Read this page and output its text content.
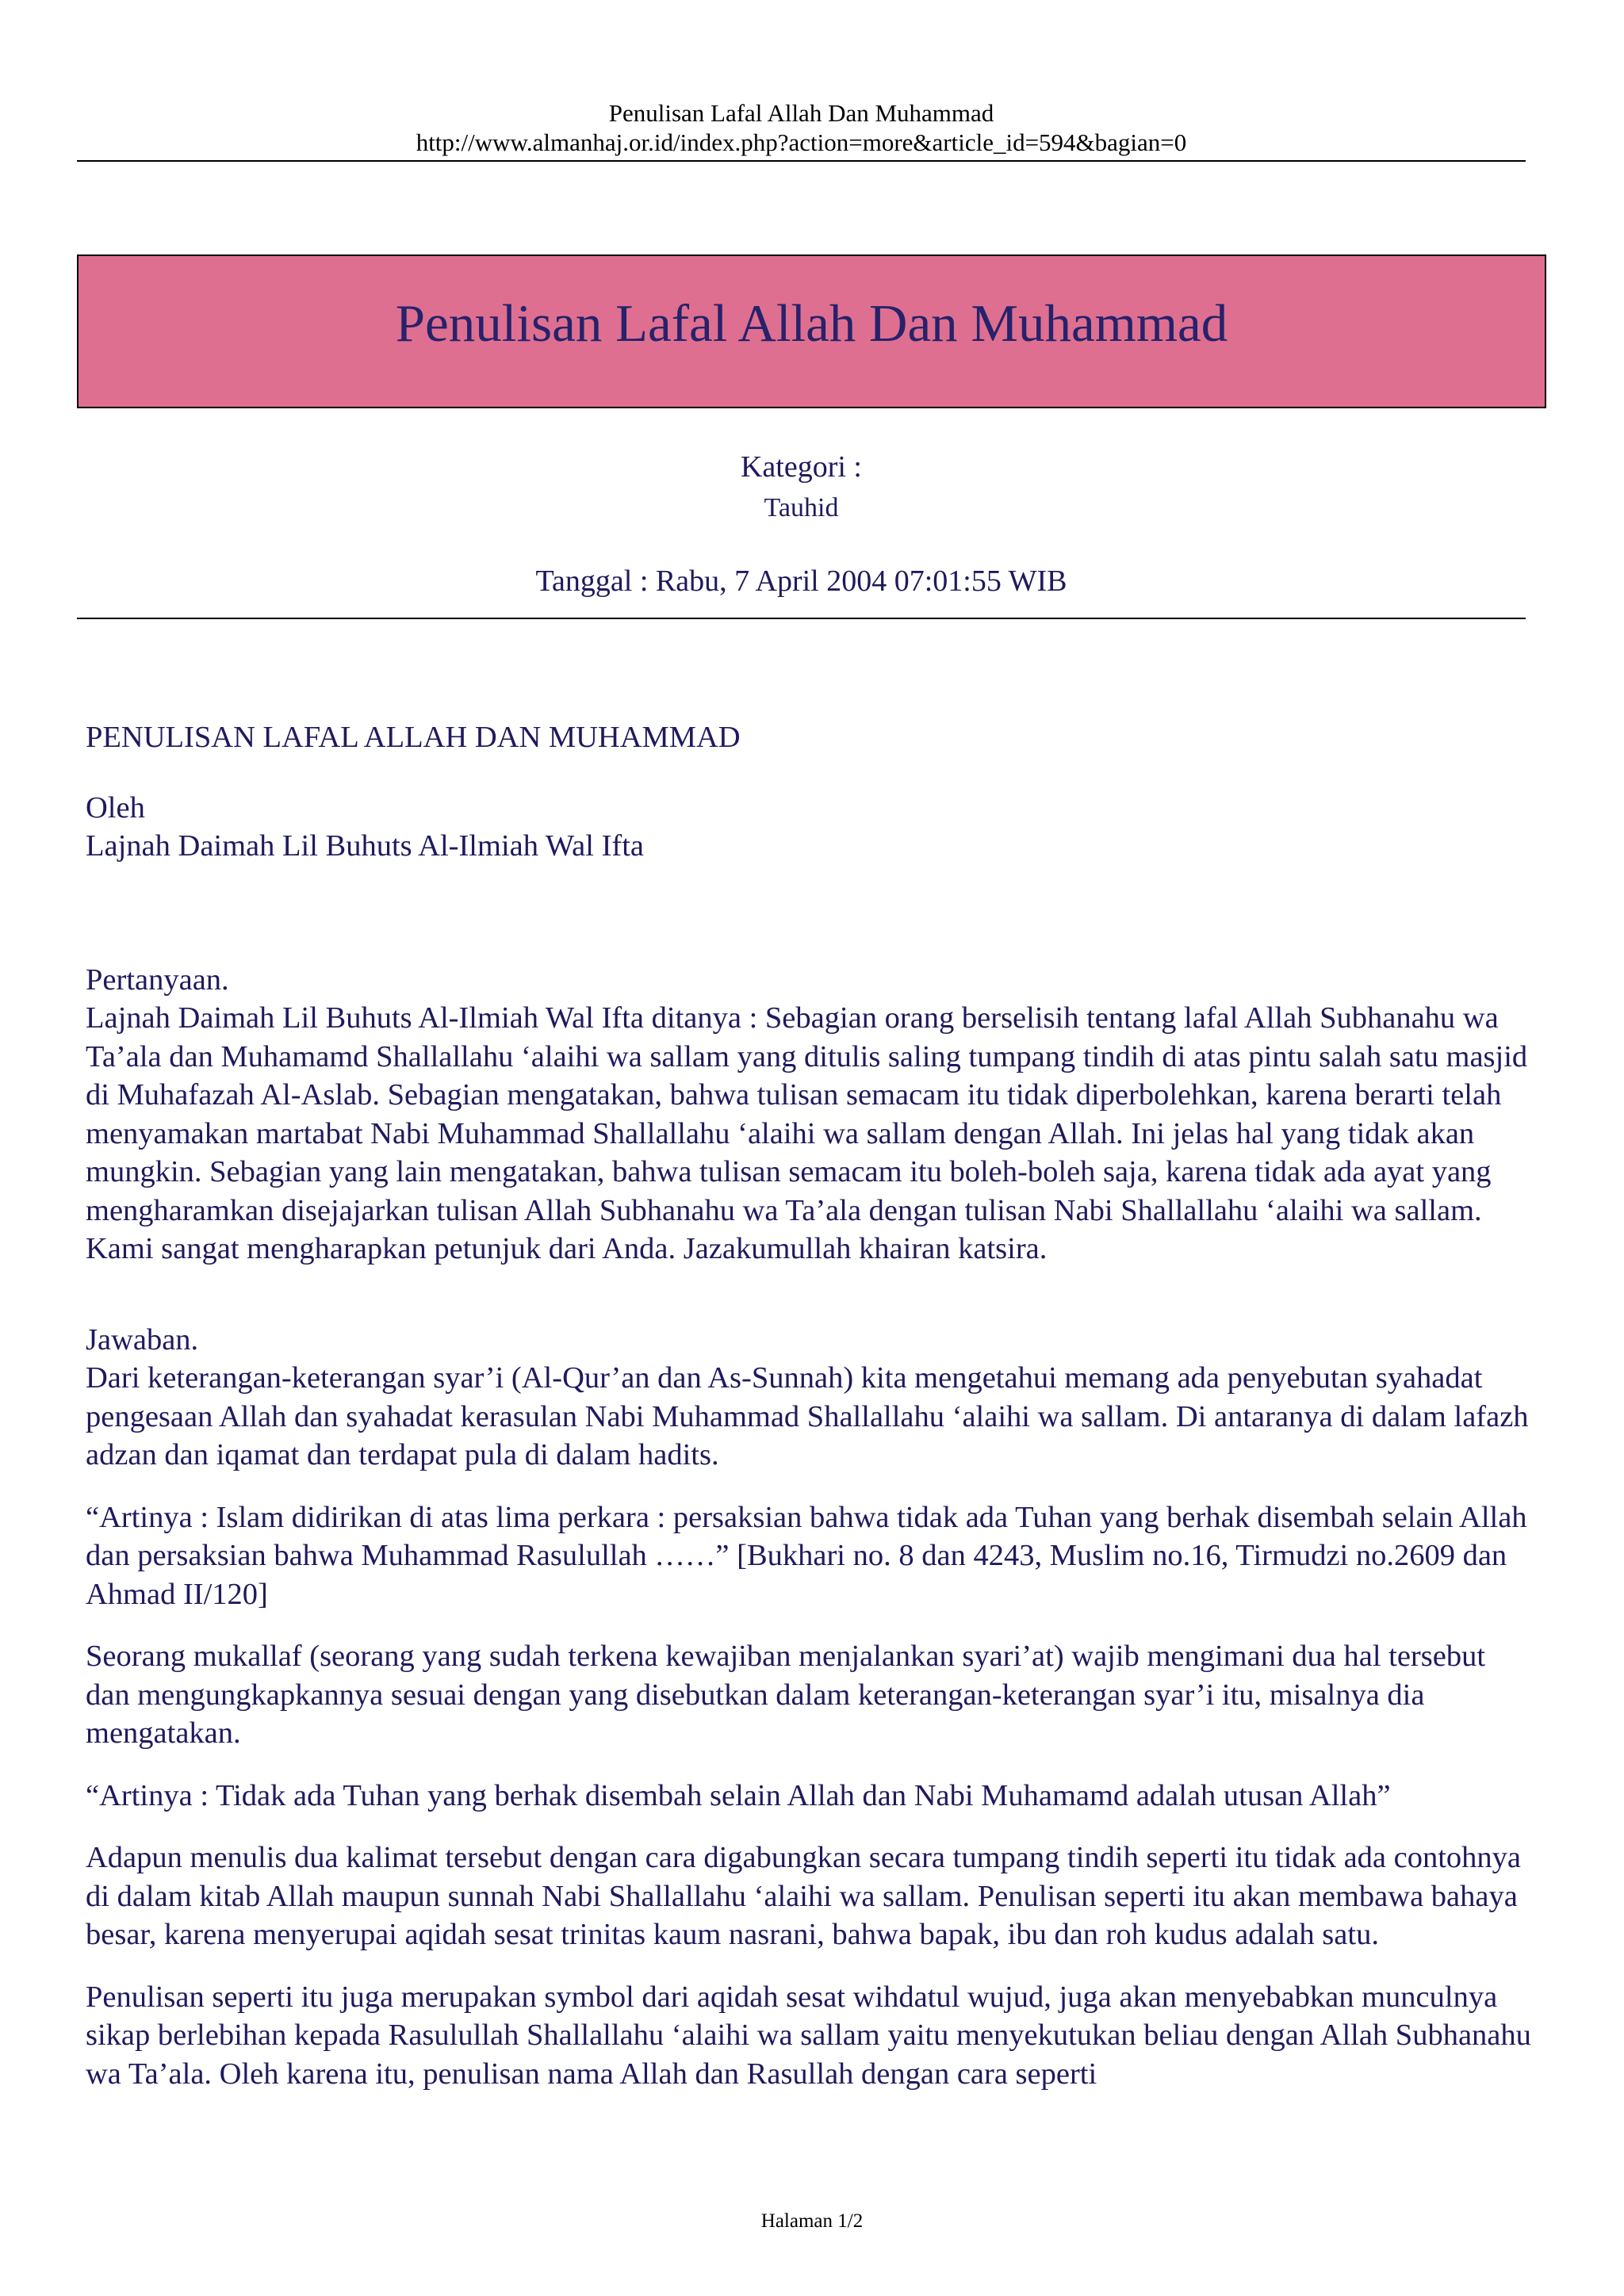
Penulisan Lafal Allah Dan Muhammad
http://www.almanhaj.or.id/index.php?action=more&article_id=594&bagian=0
Penulisan Lafal Allah Dan Muhammad
Kategori :
Tauhid
Tanggal : Rabu, 7 April 2004 07:01:55 WIB

PENULISAN LAFAL ALLAH DAN MUHAMMAD

Oleh

Lajnah Daimah Lil Buhuts Al-Ilmiah Wal Ifta

Pertanyaan.

Lajnah Daimah Lil Buhuts Al-Ilmiah Wal Ifta ditanya : Sebagian orang berselisih tentang lafal Allah Subhanahu wa Ta’ala dan Muhamamd Shallallahu ‘alaihi wa sallam yang ditulis saling tumpang tindih di atas pintu salah satu masjid di Muhafazah Al-Aslab. Sebagian mengatakan, bahwa tulisan semacam itu tidak diperbolehkan, karena berarti telah menyamakan martabat Nabi Muhammad Shallallahu ‘alaihi wa sallam dengan Allah. Ini jelas hal yang tidak akan mungkin. Sebagian yang lain mengatakan, bahwa tulisan semacam itu boleh-boleh saja, karena tidak ada ayat yang mengharamkan disejajarkan tulisan Allah Subhanahu wa Ta’ala dengan tulisan Nabi Shallallahu ‘alaihi wa sallam. Kami sangat mengharapkan petunjuk dari Anda. Jazakumullah khairan katsira.

Jawaban.

Dari keterangan-keterangan syar’i (Al-Qur’an dan As-Sunnah) kita mengetahui memang ada penyebutan syahadat pengesaan Allah dan syahadat kerasulan Nabi Muhammad Shallallahu ‘alaihi wa sallam. Di antaranya di dalam lafazh adzan dan iqamat dan terdapat pula di dalam hadits.

“Artinya : Islam didirikan di atas lima perkara : persaksian bahwa tidak ada Tuhan yang berhak disembah selain Allah dan persaksian bahwa Muhammad Rasulullah ……” [Bukhari no. 8 dan 4243, Muslim no.16, Tirmudzi no.2609 dan Ahmad II/120]

Seorang mukallaf (seorang yang sudah terkena kewajiban menjalankan syari’at) wajib mengimani dua hal tersebut dan mengungkapkannya sesuai dengan yang disebutkan dalam keterangan-keterangan syar’i itu, misalnya dia mengatakan.

“Artinya : Tidak ada Tuhan yang berhak disembah selain Allah dan Nabi Muhamamd adalah utusan Allah”

Adapun menulis dua kalimat tersebut dengan cara digabungkan secara tumpang tindih seperti itu tidak ada contohnya di dalam kitab Allah maupun sunnah Nabi Shallallahu ‘alaihi wa sallam. Penulisan seperti itu akan membawa bahaya besar, karena menyerupai aqidah sesat trinitas kaum nasrani, bahwa bapak, ibu dan roh kudus adalah satu.

Penulisan seperti itu juga merupakan symbol dari aqidah sesat wihdatul wujud, juga akan menyebabkan munculnya sikap berlebihan kepada Rasulullah Shallallahu ‘alaihi wa sallam yaitu menyekutukan beliau dengan Allah Subhanahu wa Ta’ala. Oleh karena itu, penulisan nama Allah dan Rasullah dengan cara seperti

Halaman 1/2
